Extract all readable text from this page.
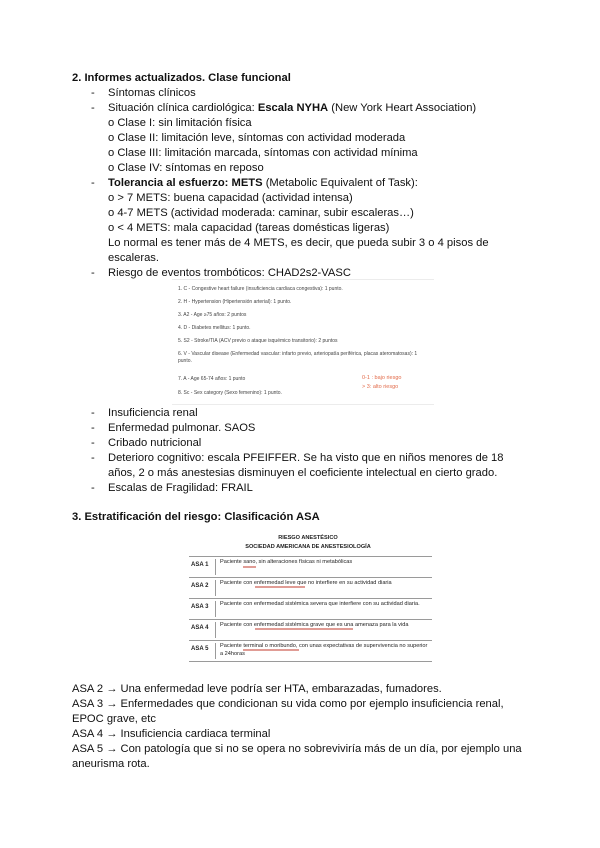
2. Informes actualizados. Clase funcional
- Síntomas clínicos
- Situación clínica cardiológica: Escala NYHA (New York Heart Association)
o Clase I: sin limitación física
o Clase II: limitación leve, síntomas con actividad moderada
o Clase III: limitación marcada, síntomas con actividad mínima
o Clase IV: síntomas en reposo
- Tolerancia al esfuerzo: METS (Metabolic Equivalent of Task):
o > 7 METS: buena capacidad (actividad intensa)
o 4-7 METS (actividad moderada: caminar, subir escaleras…)
o < 4 METS: mala capacidad (tareas domésticas ligeras)
Lo normal es tener más de 4 METS, es decir, que pueda subir 3 o 4 pisos de
escaleras.
- Riesgo de eventos trombóticos: CHAD2s2-VASC
1. C - Congestive heart failure (insuficiencia cardiaca congestiva): 1 punto.
2. H - Hypertension (Hipertensión arterial): 1 punto.
3. A2 - Age ≥75 años: 2 puntos
4. D - Diabetes mellitus: 1 punto.
5. S2 - Stroke/TIA (ACV previo o ataque isquémico transitorio): 2 puntos
6. V - Vascular disease (Enfermedad vascular: infarto previo, arteriopatía periférica, placas ateromatosas): 1 punto.
7. A - Age 65-74 años: 1 punto
8. Sc - Sex category (Sexo femenino): 1 punto.
0-1 : bajo riesgo
> 3: alto riesgo
- Insuficiencia renal
- Enfermedad pulmonar. SAOS
- Cribado nutricional
- Deterioro cognitivo: escala PFEIFFER. Se ha visto que en niños menores de 18
años, 2 o más anestesias disminuyen el coeficiente intelectual en cierto grado.
- Escalas de Fragilidad: FRAIL
3. Estratificación del riesgo: Clasificación ASA
RIESGO ANESTÉSICO
SOCIEDAD AMERICANA DE ANESTESIOLOGÍA
ASA 1	Paciente sano, sin alteraciones físicas ni metabólicas
ASA 2	Paciente con enfermedad leve que no interfiere en su actividad diaria
ASA 3	Paciente con enfermedad sistémica severa que interfiere con su actividad diaria.
ASA 4	Paciente con enfermedad sistémica grave que es una amenaza para la vida
ASA 5	Paciente terminal o moribundo, con unas expectativas de supervivencia no superior a 24horas
ASA 2 → Una enfermedad leve podría ser HTA, embarazadas, fumadores.
ASA 3 → Enfermedades que condicionan su vida como por ejemplo insuficiencia renal,
EPOC grave, etc
ASA 4 → Insuficiencia cardiaca terminal
ASA 5 → Con patología que si no se opera no sobreviviría más de un día, por ejemplo una
aneurisma rota.
